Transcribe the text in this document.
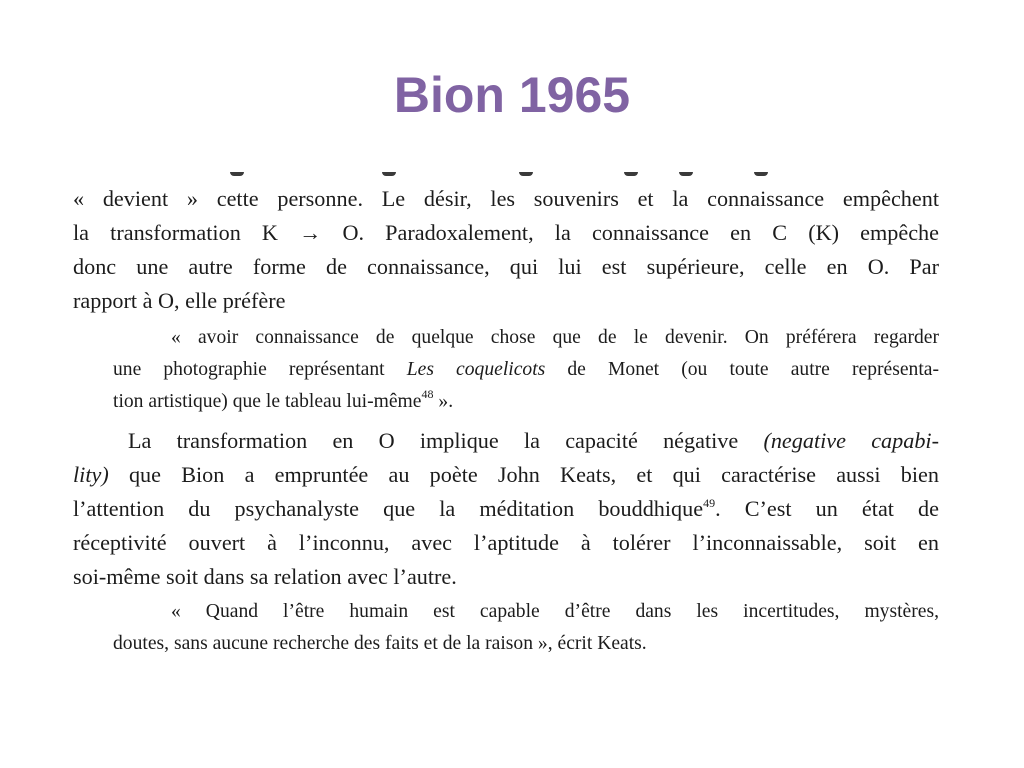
Bion 1965

« devient » cette personne. Le désir, les souvenirs et la connaissance empêchent
la transformation K → O. Paradoxalement, la connaissance en C (K) empêche
donc une autre forme de connaissance, qui lui est supérieure, celle en O. Par
rapport à O, elle préfère

« avoir connaissance de quelque chose que de le devenir. On préférera regarder
une photographie représentant Les coquelicots de Monet (ou toute autre représenta-
tion artistique) que le tableau lui-même$^{48}$ ».

La transformation en O implique la capacité négative (negative capabi-
lity) que Bion a empruntée au poète John Keats, et qui caractérise aussi bien
l’attention du psychanalyste que la méditation bouddhique$^{49}$. C’est un état de
réceptivité ouvert à l’inconnu, avec l’aptitude à tolérer l’inconnaissable, soit en
soi-même soit dans sa relation avec l’autre.

« Quand l’être humain est capable d’être dans les incertitudes, mystères,
doutes, sans aucune recherche des faits et de la raison », écrit Keats.
